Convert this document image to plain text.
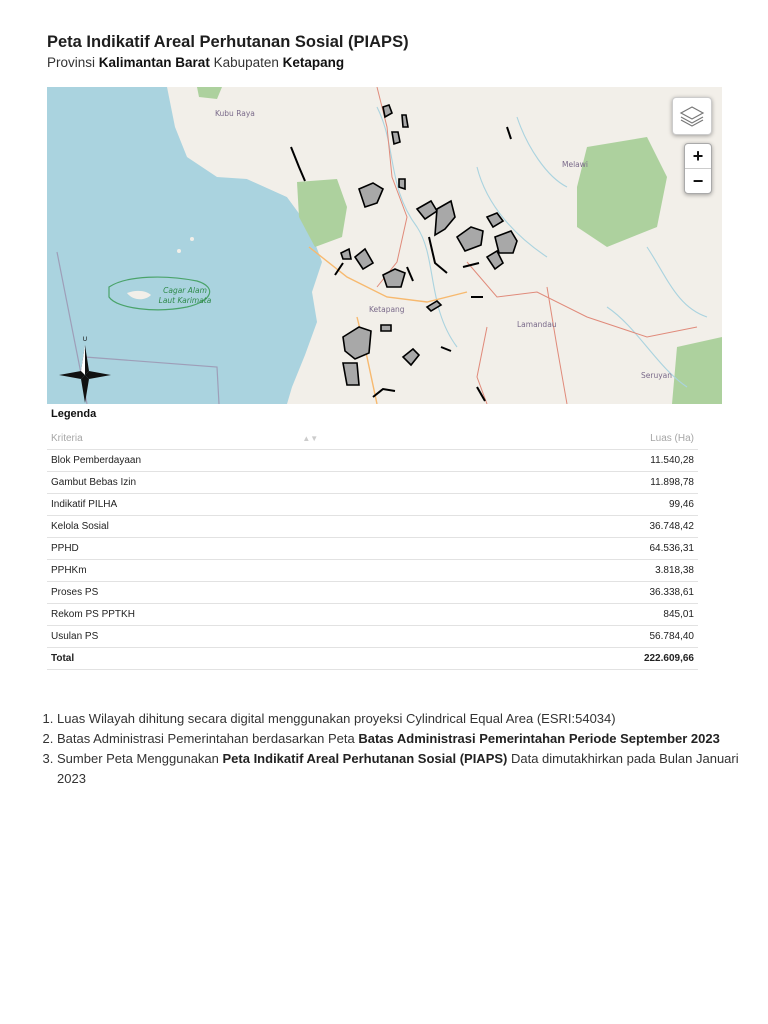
Peta Indikatif Areal Perhutanan Sosial (PIAPS)
Provinsi Kalimantan Barat Kabupaten Ketapang
Kubu Raya
Melawi
Ketapang
Lamandau
Seruyan
Cagar Alam
Laut Karimata
U
+
−
Legenda
Kriteria	▲▼	Luas (Ha)
Blok Pemberdayaan		11.540,28
Gambut Bebas Izin		11.898,78
Indikatif PILHA		99,46
Kelola Sosial		36.748,42
PPHD		64.536,31
PPHKm		3.818,38
Proses PS		36.338,61
Rekom PS PPTKH		845,01
Usulan PS		56.784,40
Total		222.609,66
1. Luas Wilayah dihitung secara digital menggunakan proyeksi Cylindrical Equal Area (ESRI:54034)
2. Batas Administrasi Pemerintahan berdasarkan Peta Batas Administrasi Pemerintahan Periode September 2023
3. Sumber Peta Menggunakan Peta Indikatif Areal Perhutanan Sosial (PIAPS) Data dimutakhirkan pada Bulan Januari 2023
